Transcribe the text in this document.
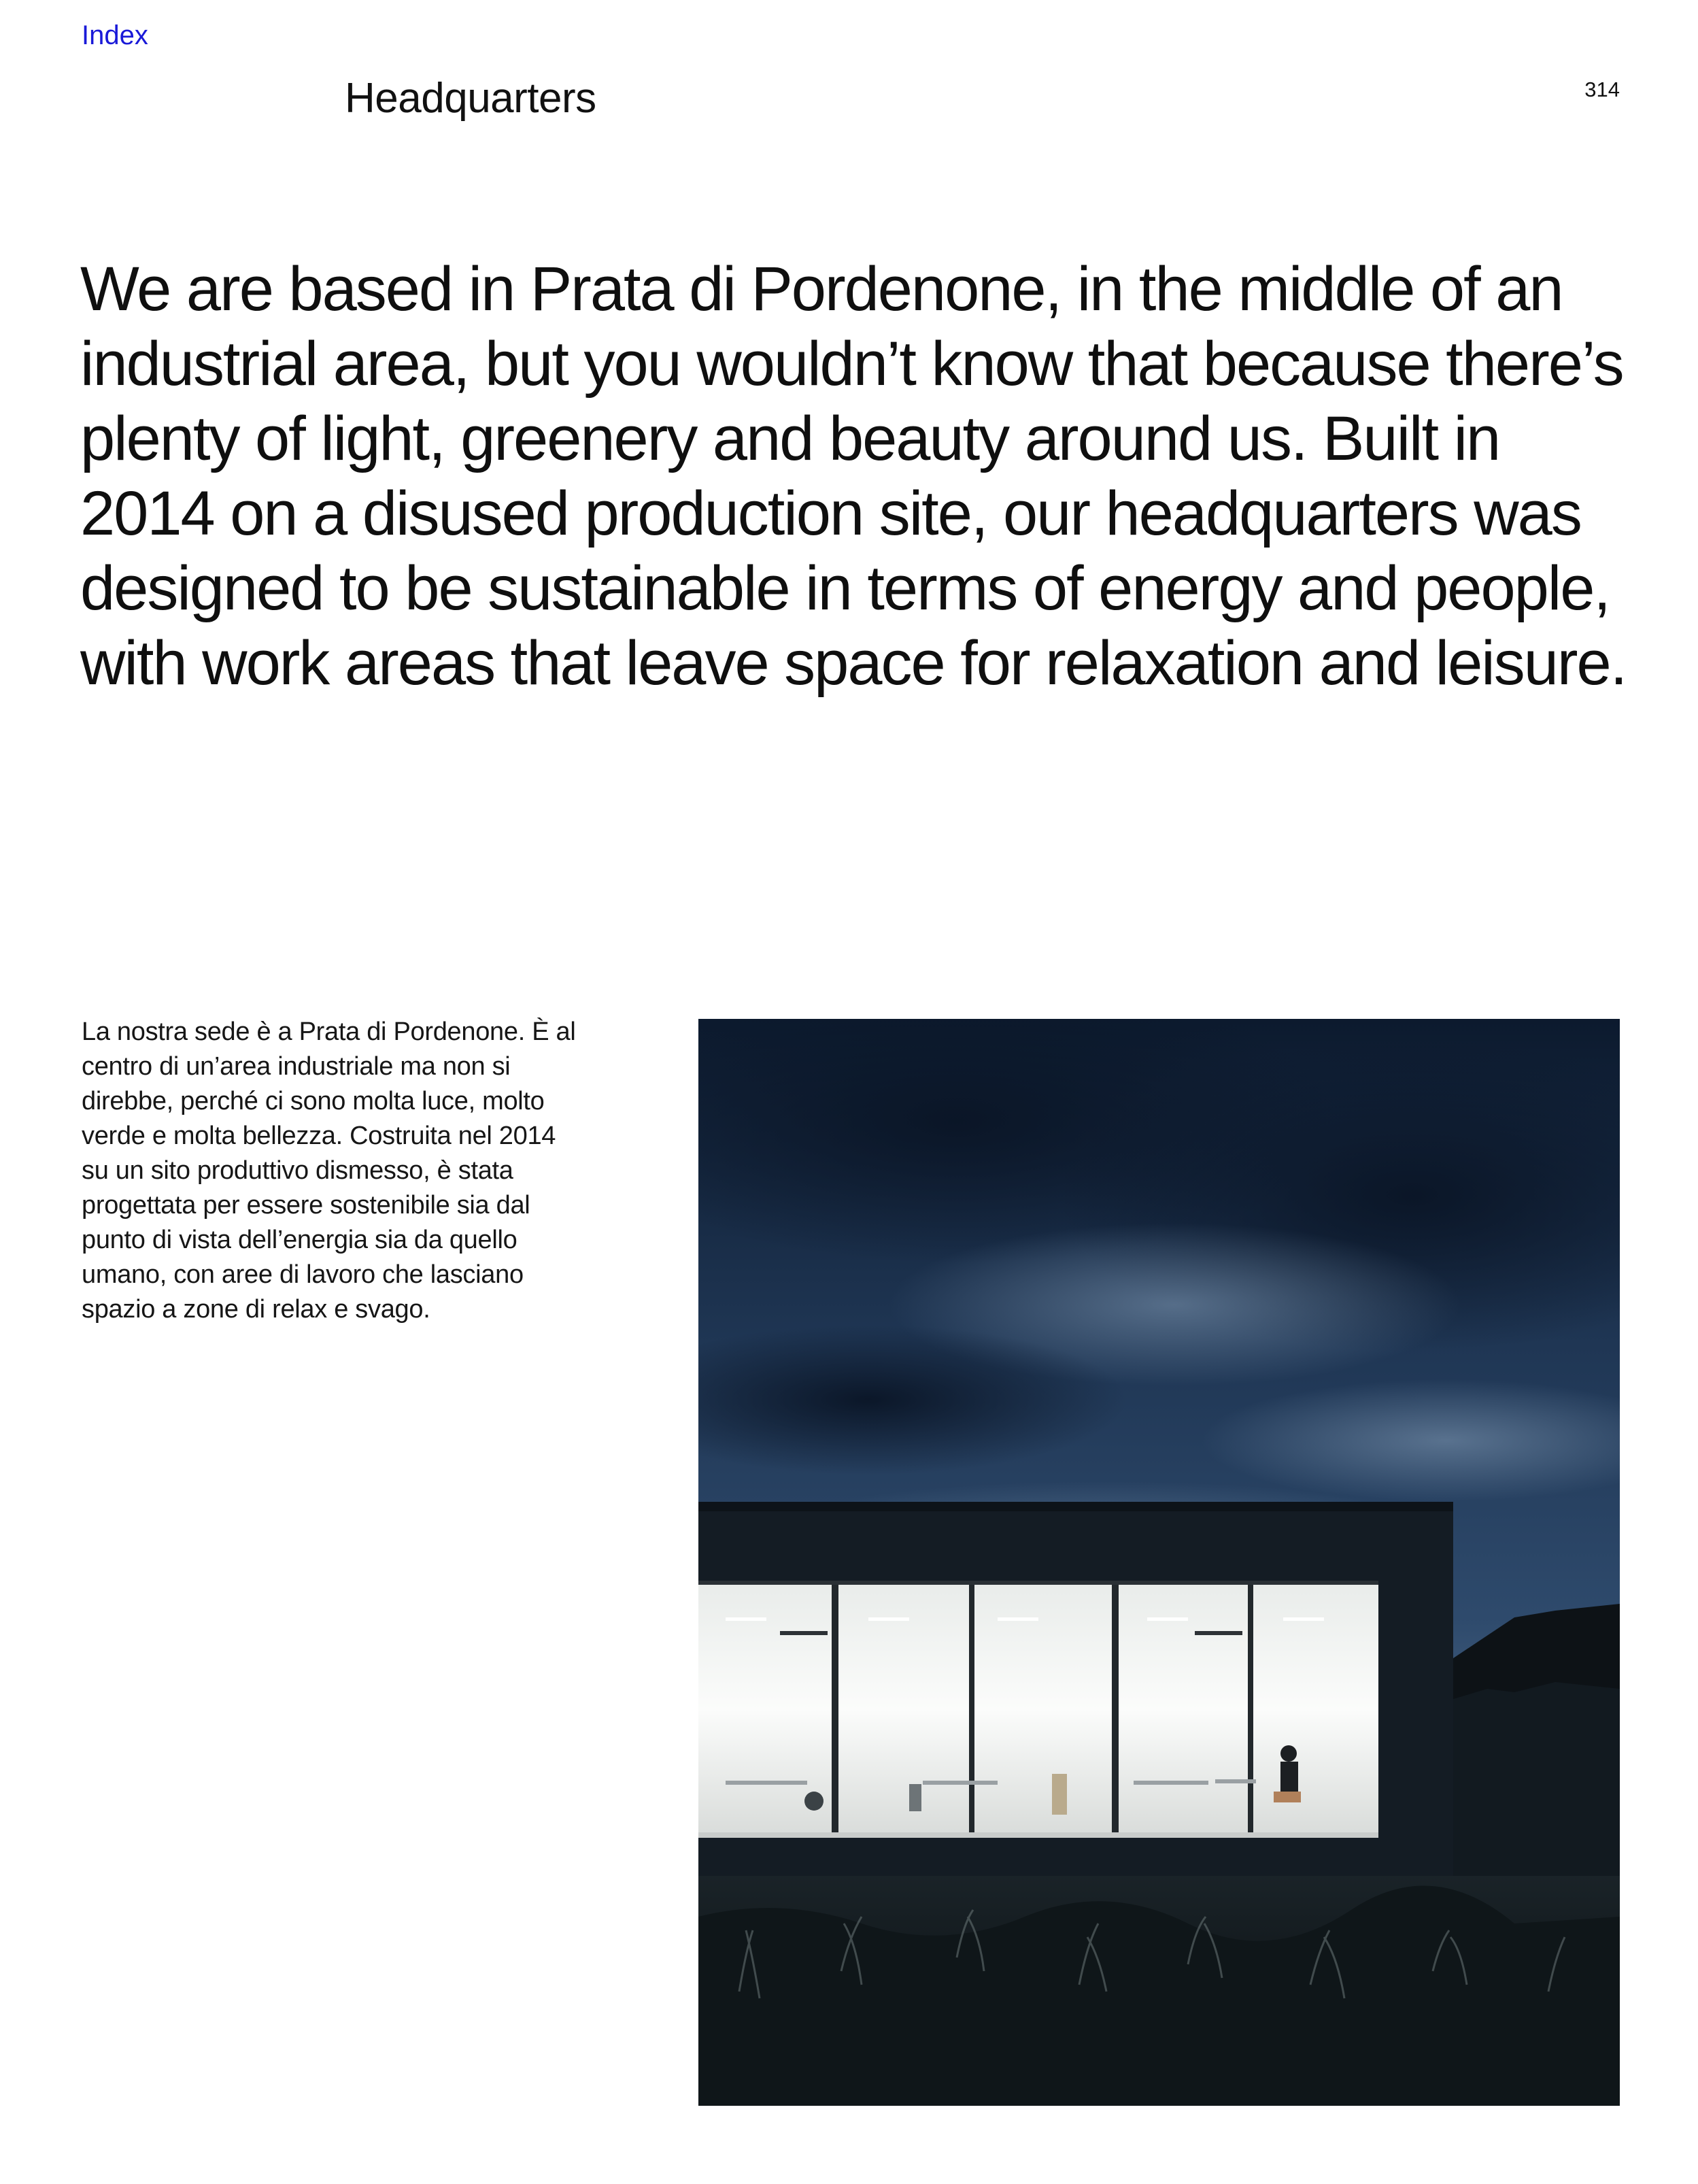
Index
Headquarters	314

We are based in Prata di Pordenone, in the middle of an industrial area, but you wouldn’t know that because there’s plenty of light, greenery and beauty around us. Built in 2014 on a disused production site, our headquarters was designed to be sustainable in terms of energy and people, with work areas that leave space for relaxation and leisure.

La nostra sede è a Prata di Pordenone. È al centro di un’area industriale ma non si direbbe, perché ci sono molta luce, molto verde e molta bellezza. Costruita nel 2014 su un sito produttivo dismesso, è stata progettata per essere sostenibile sia dal punto di vista dell’energia sia da quello umano, con aree di lavoro che lasciano spazio a zone di relax e svago.
